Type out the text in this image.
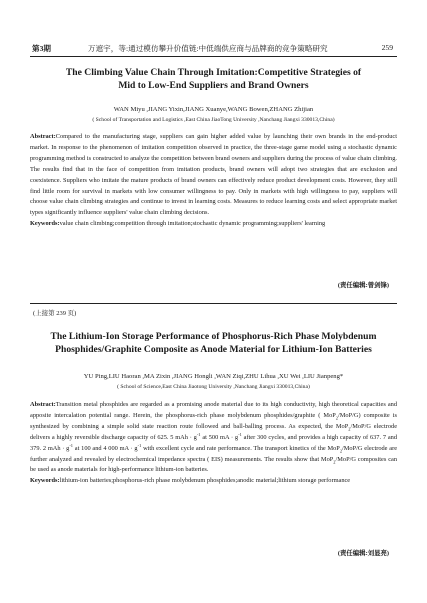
第3期	万遮宇，等:通过模仿攀升价值链:中低端供应商与品牌商的竞争策略研究	259
The Climbing Value Chain Through Imitation:Competitive Strategies of
Mid to Low-End Suppliers and Brand Owners
WAN Miyu ,JIANG Yixin,JIANG Xuanye,WANG Bowen,ZHANG Zhijian
( School of Transportation and Logistics ,East China JiaoTong University ,Nanchang Jiangxi 330013,China)

Abstract:Compared to the manufacturing stage, suppliers can gain higher added value by launching their own brands in the end-product market. In response to the phenomenon of imitation competition observed in practice, the three-stage game model using a stochastic dynamic programming method is constructed to analyze the competition between brand owners and suppliers during the process of value chain climbing. The results find that in the face of competition from imitation products, brand owners will adopt two strategies that are exclusion and coexistence. Suppliers who imitate the mature products of brand owners can effectively reduce product development costs. However, they still find little room for survival in markets with low consumer willingness to pay. Only in markets with high willingness to pay, suppliers will choose value chain climbing strategies and continue to invest in learning costs. Measures to reduce learning costs and select appropriate market types significantly influence suppliers' value chain climbing decisions.

Keywords:value chain climbing;competition through imitation;stochastic dynamic programming;suppliers' learning

(责任编辑:曾剑锋)
(上接第 239 页)
The Lithium-Ion Storage Performance of Phosphorus-Rich Phase Molybdenum
Phosphides/Graphite Composite as Anode Material for Lithium-Ion Batteries
YU Ping,LIU Haoran ,MA Zixin ,JIANG Hongli ,WAN Ziqi,ZHU Lihua ,XU Wei ,LIU Jianpeng*
( School of Science,East China Jiaotong University ,Nanchang Jiangxi 330013,China)

Abstract:Transition metal phosphides are regarded as a promising anode material due to its high conductivity, high theoretical capacities and apposite intercalation potential range. Herein, the phosphorus-rich phase molybdenum phosphides/graphite ( MoP$_2$/MoP/G) composite is synthesized by combining a simple solid state reaction route followed and ball-balling process. As expected, the MoP$_2$/MoP/G electrode delivers a highly reversible discharge capacity of 625. 5 mAh · $g^{-1}$ at 500 mA · $g^{-1}$ after 300 cycles, and provides a high capacity of 637. 7 and 379. 2 mAh · $g^{-1}$ at 100 and 4 000 mA · $g^{-1}$ with excellent cycle and rate performance. The transport kinetics of the MoP$_2$/MoP/G electrode are further analyzed and revealed by electrochemical impedance spectra ( EIS) measurements. The results show that MoP$_2$/MoP/G composites can be used as anode materials for high-performance lithium-ion batteries.

Keywords:lithium-ion batteries;phosphorus-rich phase molybdenum phosphides;anodic material;lithium storage performance

(责任编辑:刘显亮)
